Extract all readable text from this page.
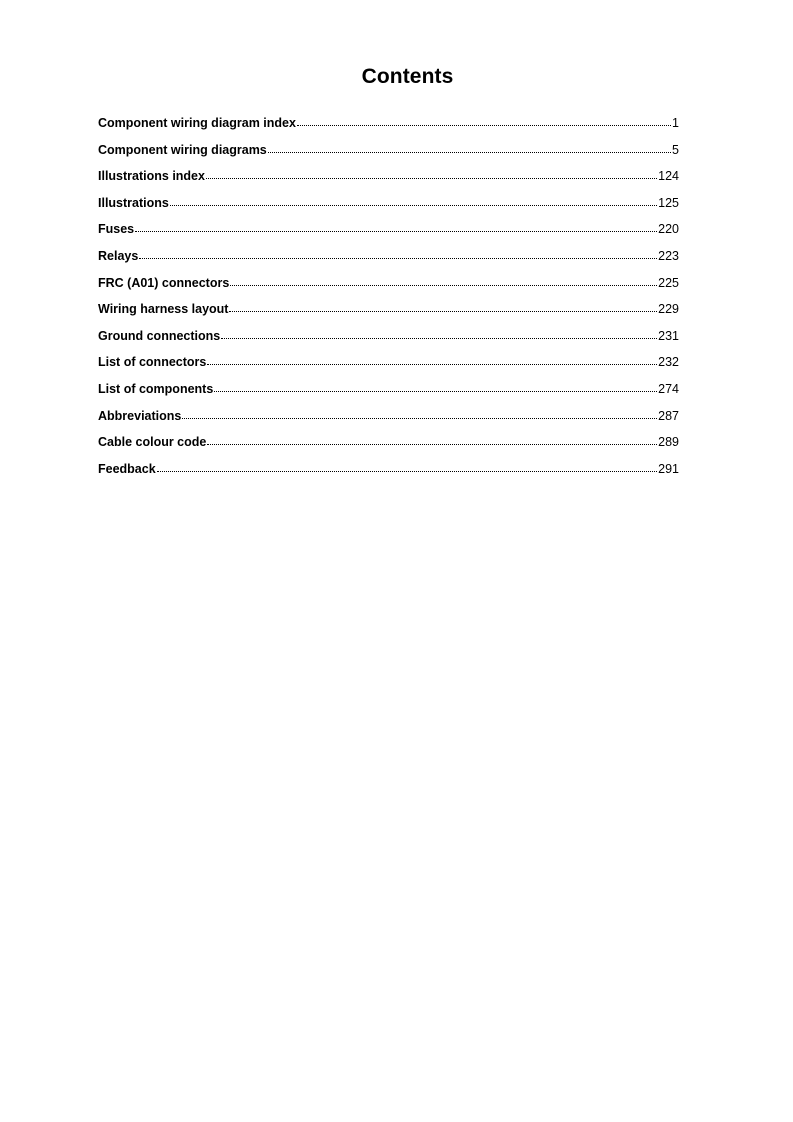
Contents
Component wiring diagram index	1
Component wiring diagrams	5
Illustrations index	124
Illustrations	125
Fuses	220
Relays	223
FRC (A01) connectors	225
Wiring harness layout	229
Ground connections	231
List of connectors	232
List of components	274
Abbreviations	287
Cable colour code	289
Feedback	291
